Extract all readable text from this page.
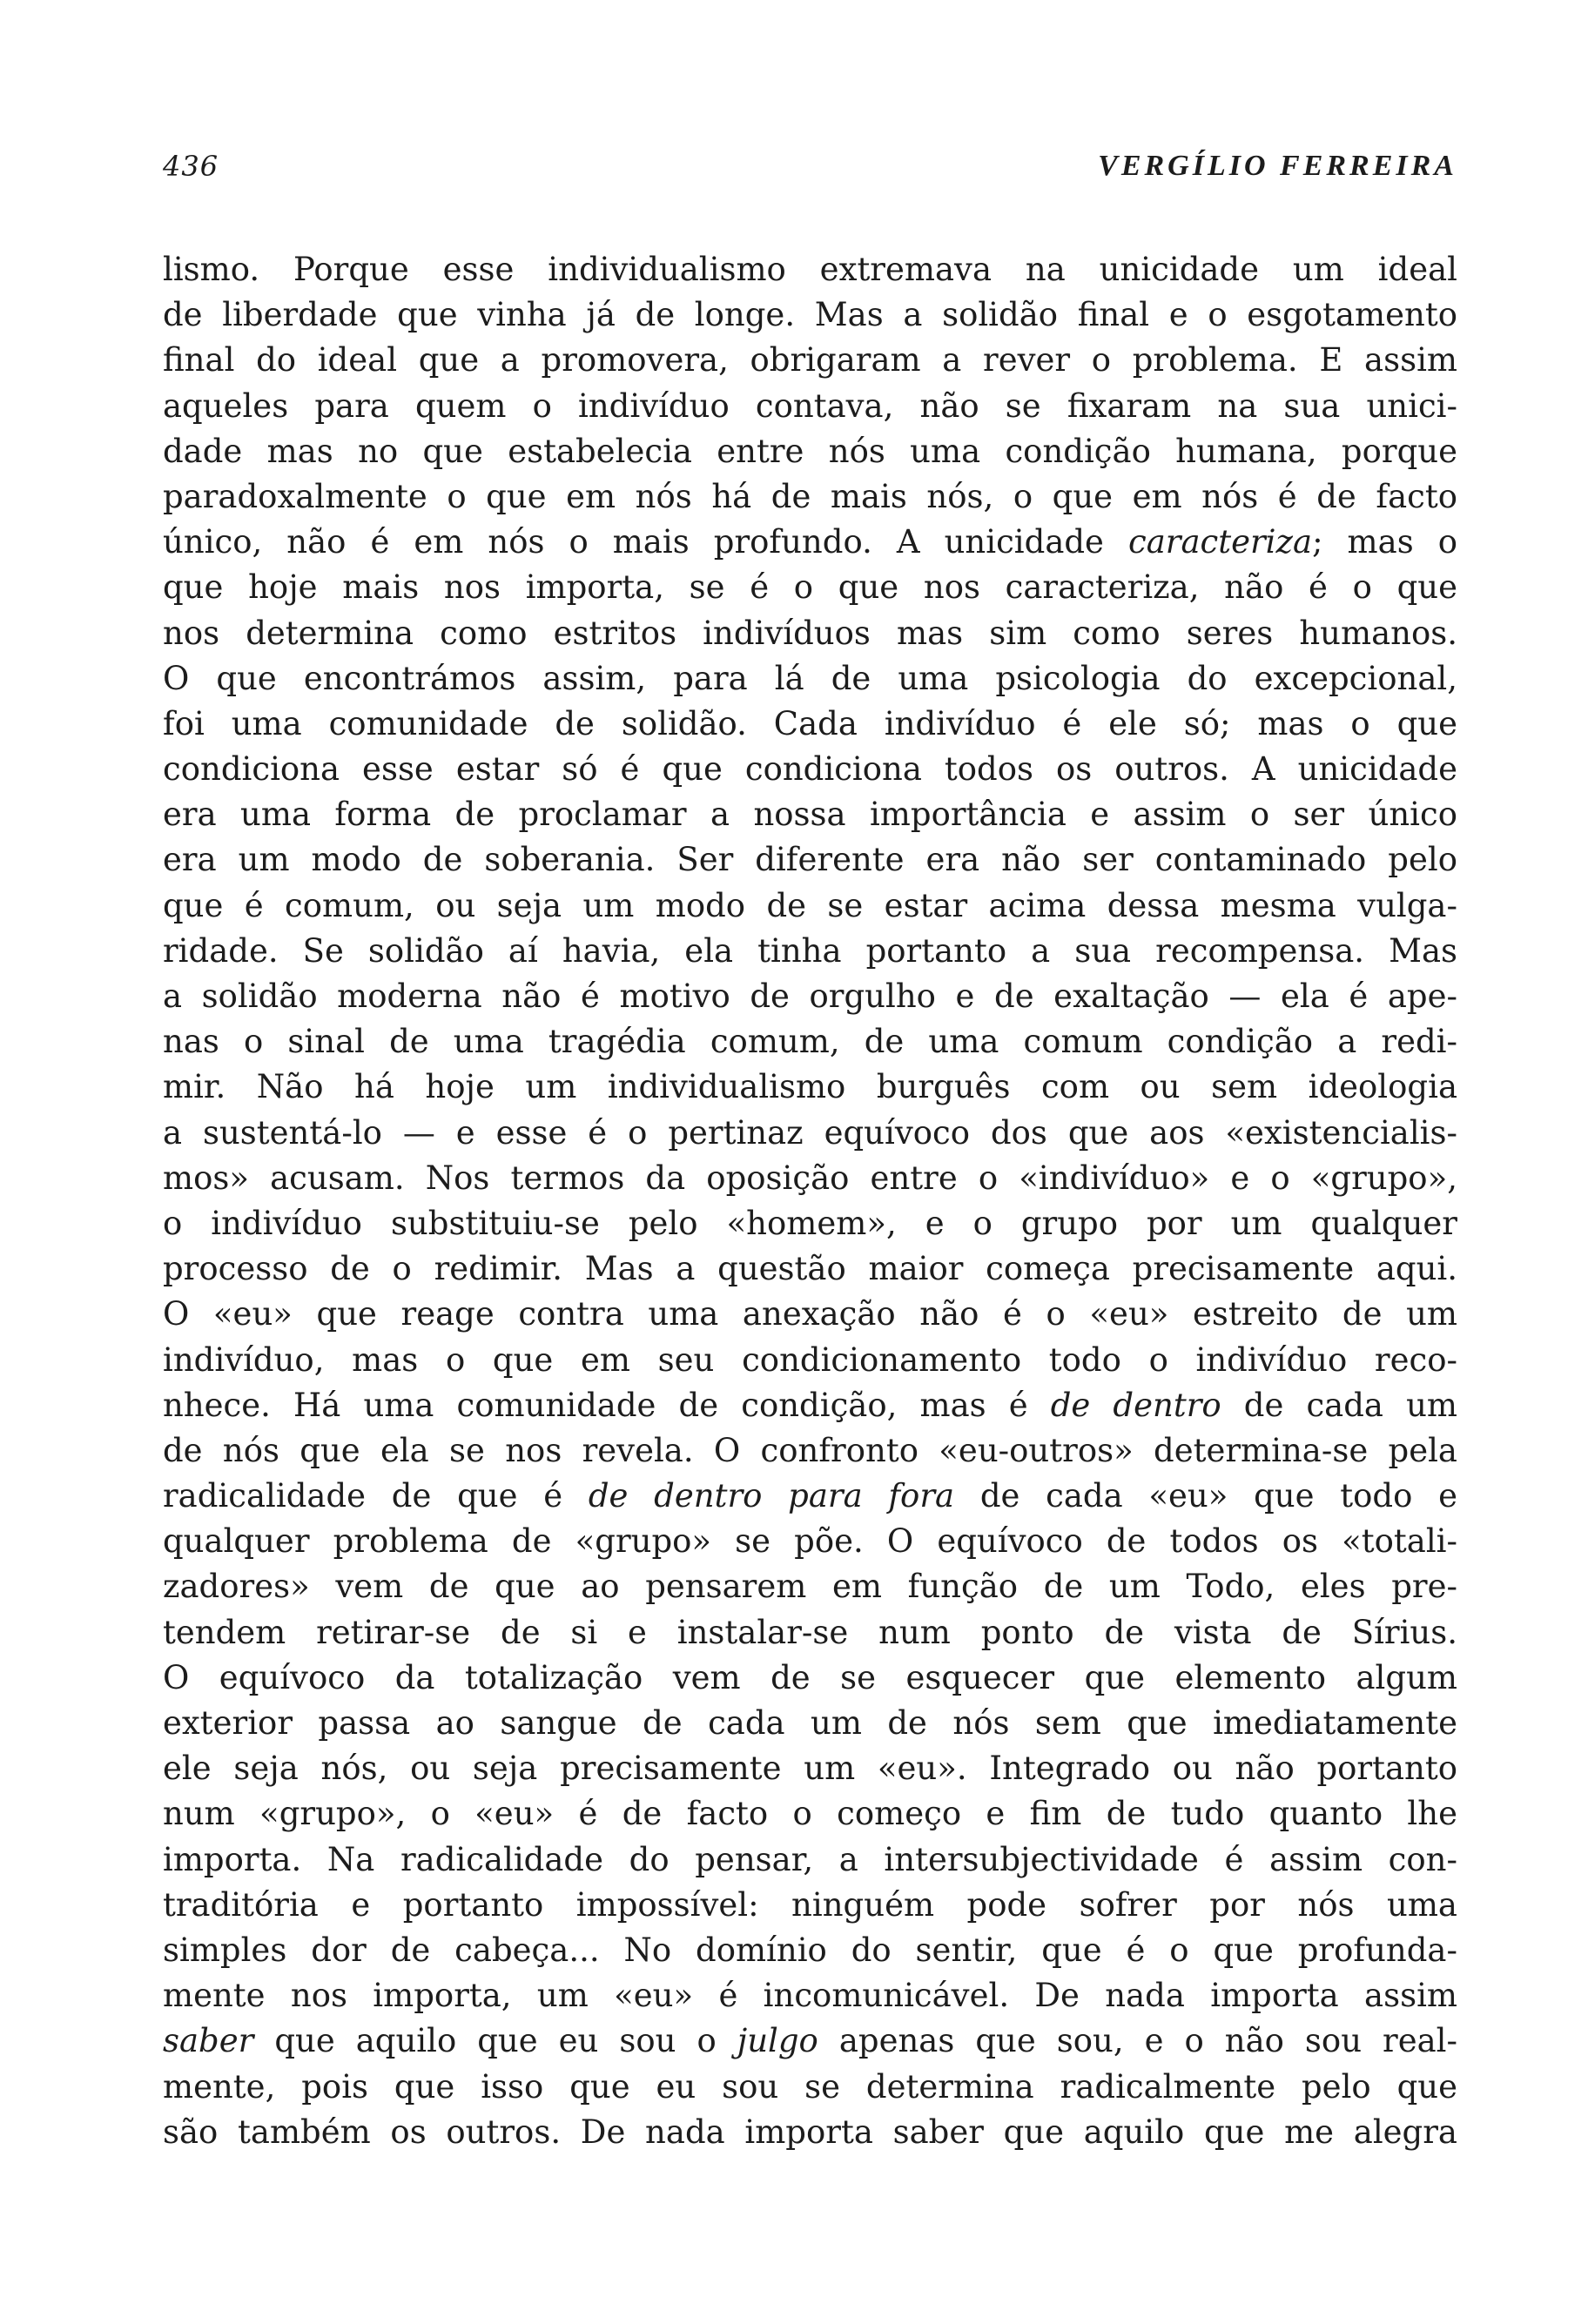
436	VERGÍLIO FERREIRA
lismo. Porque esse individualismo extremava na unicidade um ideal
de liberdade que vinha já de longe. Mas a solidão final e o esgotamento
final do ideal que a promovera, obrigaram a rever o problema. E assim
aqueles para quem o indivíduo contava, não se fixaram na sua unici-
dade mas no que estabelecia entre nós uma condição humana, porque
paradoxalmente o que em nós há de mais nós, o que em nós é de facto
único, não é em nós o mais profundo. A unicidade caracteriza; mas o
que hoje mais nos importa, se é o que nos caracteriza, não é o que
nos determina como estritos indivíduos mas sim como seres humanos.
O que encontrámos assim, para lá de uma psicologia do excepcional,
foi uma comunidade de solidão. Cada indivíduo é ele só; mas o que
condiciona esse estar só é que condiciona todos os outros. A unicidade
era uma forma de proclamar a nossa importância e assim o ser único
era um modo de soberania. Ser diferente era não ser contaminado pelo
que é comum, ou seja um modo de se estar acima dessa mesma vulga-
ridade. Se solidão aí havia, ela tinha portanto a sua recompensa. Mas
a solidão moderna não é motivo de orgulho e de exaltação — ela é ape-
nas o sinal de uma tragédia comum, de uma comum condição a redi-
mir. Não há hoje um individualismo burguês com ou sem ideologia
a sustentá-lo — e esse é o pertinaz equívoco dos que aos «existencialis-
mos» acusam. Nos termos da oposição entre o «indivíduo» e o «grupo»,
o indivíduo substituiu-se pelo «homem», e o grupo por um qualquer
processo de o redimir. Mas a questão maior começa precisamente aqui.
O «eu» que reage contra uma anexação não é o «eu» estreito de um
indivíduo, mas o que em seu condicionamento todo o indivíduo reco-
nhece. Há uma comunidade de condição, mas é de dentro de cada um
de nós que ela se nos revela. O confronto «eu-outros» determina-se pela
radicalidade de que é de dentro para fora de cada «eu» que todo e
qualquer problema de «grupo» se põe. O equívoco de todos os «totali-
zadores» vem de que ao pensarem em função de um Todo, eles pre-
tendem retirar-se de si e instalar-se num ponto de vista de Sírius.
O equívoco da totalização vem de se esquecer que elemento algum
exterior passa ao sangue de cada um de nós sem que imediatamente
ele seja nós, ou seja precisamente um «eu». Integrado ou não portanto
num «grupo», o «eu» é de facto o começo e fim de tudo quanto lhe
importa. Na radicalidade do pensar, a intersubjectividade é assim con-
traditória e portanto impossível: ninguém pode sofrer por nós uma
simples dor de cabeça... No domínio do sentir, que é o que profunda-
mente nos importa, um «eu» é incomunicável. De nada importa assim
saber que aquilo que eu sou o julgo apenas que sou, e o não sou real-
mente, pois que isso que eu sou se determina radicalmente pelo que
são também os outros. De nada importa saber que aquilo que me alegra
